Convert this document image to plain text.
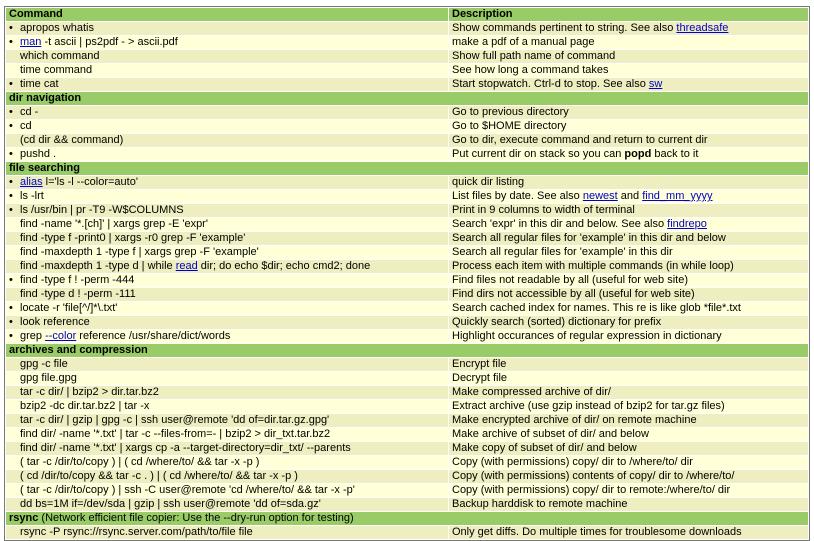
Command	Description
• apropos whatis	Show commands pertinent to string. See also threadsafe
• man -t ascii | ps2pdf - > ascii.pdf	make a pdf of a manual page
which command	Show full path name of command
time command	See how long a command takes
• time cat	Start stopwatch. Ctrl-d to stop. See also sw
dir navigation	
• cd -	Go to previous directory
• cd	Go to $HOME directory
(cd dir && command)	Go to dir, execute command and return to current dir
• pushd .	Put current dir on stack so you can popd back to it
file searching	
• alias l='ls -l --color=auto'	quick dir listing
• ls -lrt	List files by date. See also newest and find_mm_yyyy
• ls /usr/bin | pr -T9 -W$COLUMNS	Print in 9 columns to width of terminal
find -name '*.[ch]' | xargs grep -E 'expr'	Search 'expr' in this dir and below. See also findrepo
find -type f -print0 | xargs -r0 grep -F 'example'	Search all regular files for 'example' in this dir and below
find -maxdepth 1 -type f | xargs grep -F 'example'	Search all regular files for 'example' in this dir
find -maxdepth 1 -type d | while read dir; do echo $dir; echo cmd2; done	Process each item with multiple commands (in while loop)
• find -type f ! -perm -444	Find files not readable by all (useful for web site)
find -type d ! -perm -111	Find dirs not accessible by all (useful for web site)
• locate -r 'file[^/]*\.txt'	Search cached index for names. This re is like glob *file*.txt
• look reference	Quickly search (sorted) dictionary for prefix
• grep --color reference /usr/share/dict/words	Highlight occurances of regular expression in dictionary
archives and compression	
gpg -c file	Encrypt file
gpg file.gpg	Decrypt file
tar -c dir/ | bzip2 > dir.tar.bz2	Make compressed archive of dir/
bzip2 -dc dir.tar.bz2 | tar -x	Extract archive (use gzip instead of bzip2 for tar.gz files)
tar -c dir/ | gzip | gpg -c | ssh user@remote 'dd of=dir.tar.gz.gpg'	Make encrypted archive of dir/ on remote machine
find dir/ -name '*.txt' | tar -c --files-from=- | bzip2 > dir_txt.tar.bz2	Make archive of subset of dir/ and below
find dir/ -name '*.txt' | xargs cp -a --target-directory=dir_txt/ --parents	Make copy of subset of dir/ and below
( tar -c /dir/to/copy ) | ( cd /where/to/ && tar -x -p )	Copy (with permissions) copy/ dir to /where/to/ dir
( cd /dir/to/copy && tar -c . ) | ( cd /where/to/ && tar -x -p )	Copy (with permissions) contents of copy/ dir to /where/to/
( tar -c /dir/to/copy ) | ssh -C user@remote 'cd /where/to/ && tar -x -p'	Copy (with permissions) copy/ dir to remote:/where/to/ dir
dd bs=1M if=/dev/sda | gzip | ssh user@remote 'dd of=sda.gz'	Backup harddisk to remote machine
rsync (Network efficient file copier: Use the --dry-run option for testing)	
rsync -P rsync://rsync.server.com/path/to/file file	Only get diffs. Do multiple times for troublesome downloads
